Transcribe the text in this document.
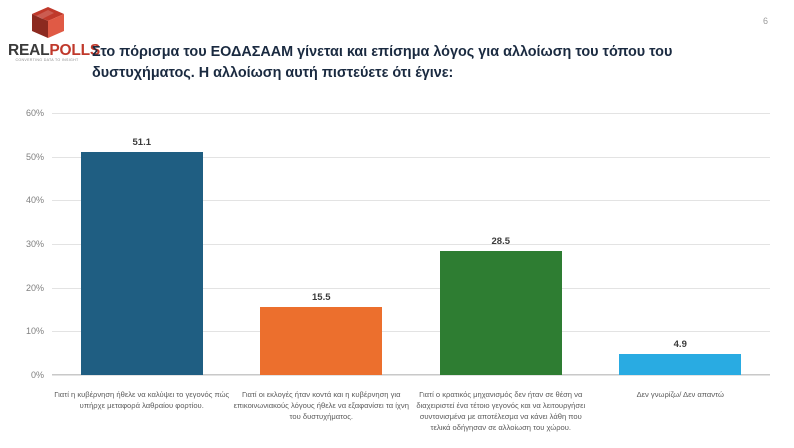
REALPOLLS
CONVERTING DATA TO INSIGHT
6
Στο πόρισμα του ΕΟΔΑΣΑΑΜ γίνεται και επίσημα λόγος για αλλοίωση του τόπου του δυστυχήματος. Η αλλοίωση αυτή πιστεύετε ότι έγινε:
0%
10%
20%
30%
40%
50%
60%
51.1
Γιατί η κυβέρνηση ήθελε να καλύψει το γεγονός πώς υπήρχε μεταφορά λαθραίου φορτίου.
15.5
Γιατί οι εκλογές ήταν κοντά και η κυβέρνηση για επικοινωνιακούς λόγους ήθελε να εξαφανίσει τα ίχνη του δυστυχήματος.
28.5
Γιατί ο κρατικός μηχανισμός δεν ήταν σε θέση να διαχειριστεί ένα τέτοιο γεγονός και να λειτουργήσει συντονισμένα με αποτέλεσμα να κάνει λάθη που τελικά οδήγησαν σε αλλοίωση του χώρου.
4.9
Δεν γνωρίζω/ Δεν απαντώ
